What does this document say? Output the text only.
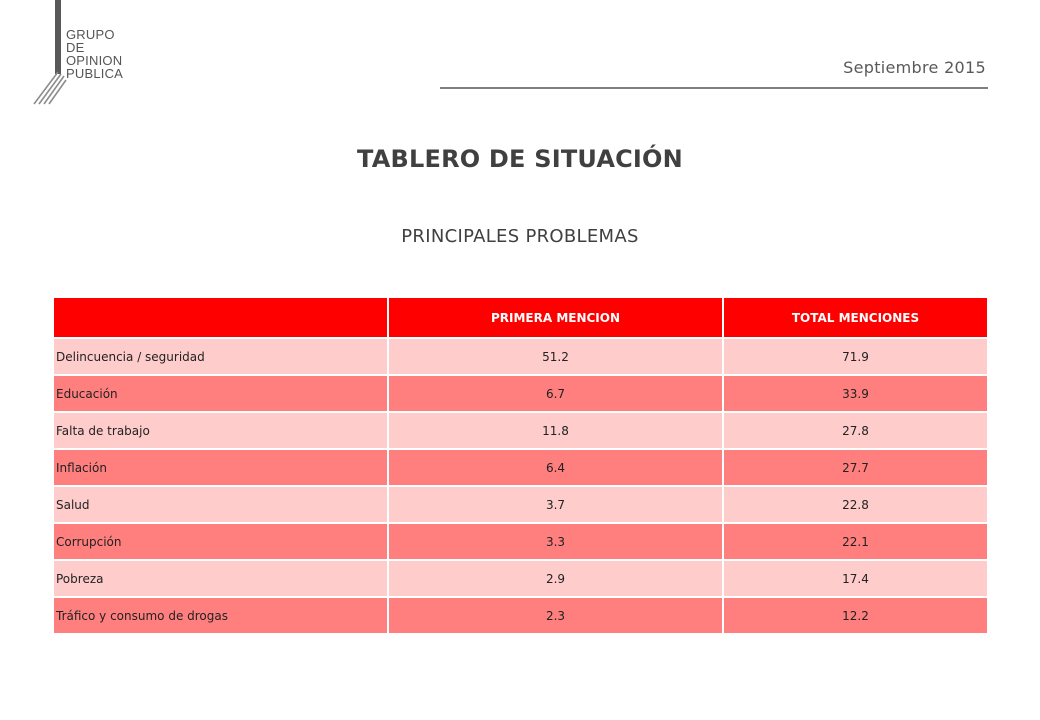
GRUPO
DE
OPINION
PUBLICA	Septiembre 2015
TABLERO DE SITUACIÓN
PRINCIPALES PROBLEMAS
	PRIMERA MENCION	TOTAL MENCIONES
Delincuencia / seguridad	51.2	71.9
Educación	6.7	33.9
Falta de trabajo	11.8	27.8
Inflación	6.4	27.7
Salud	3.7	22.8
Corrupción	3.3	22.1
Pobreza	2.9	17.4
Tráfico y consumo de drogas	2.3	12.2
